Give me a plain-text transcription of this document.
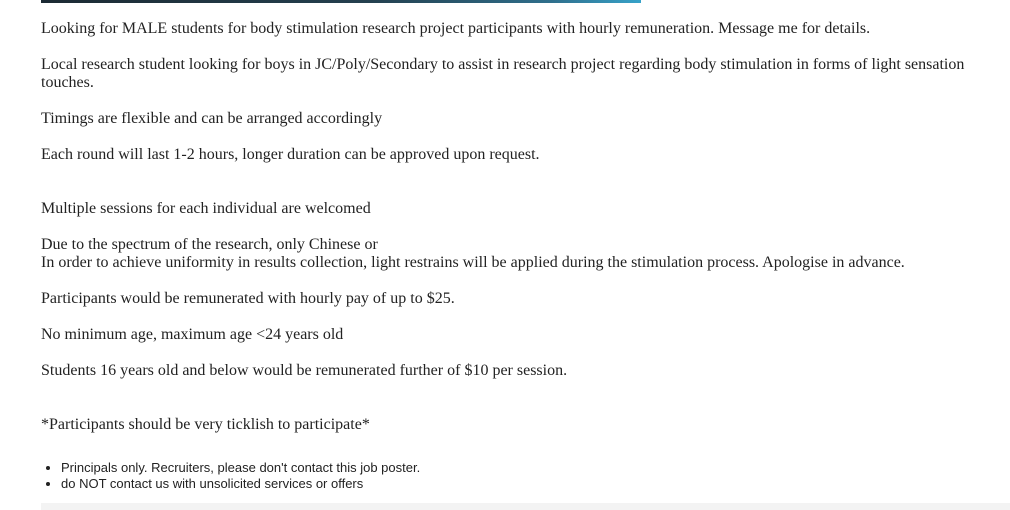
Looking for MALE students for body stimulation research project participants with hourly remuneration. Message me for details.

Local research student looking for boys in JC/Poly/Secondary to assist in research project regarding body stimulation in forms of light sensation touches.

Timings are flexible and can be arranged accordingly

Each round will last 1-2 hours, longer duration can be approved upon request.

Multiple sessions for each individual are welcomed

Due to the spectrum of the research, only Chinese or

In order to achieve uniformity in results collection, light restrains will be applied during the stimulation process. Apologise in advance.

Participants would be remunerated with hourly pay of up to $25.

No minimum age, maximum age <24 years old

Students 16 years old and below would be remunerated further of $10 per session.

*Participants should be very ticklish to participate*

• Principals only. Recruiters, please don't contact this job poster.
• do NOT contact us with unsolicited services or offers
